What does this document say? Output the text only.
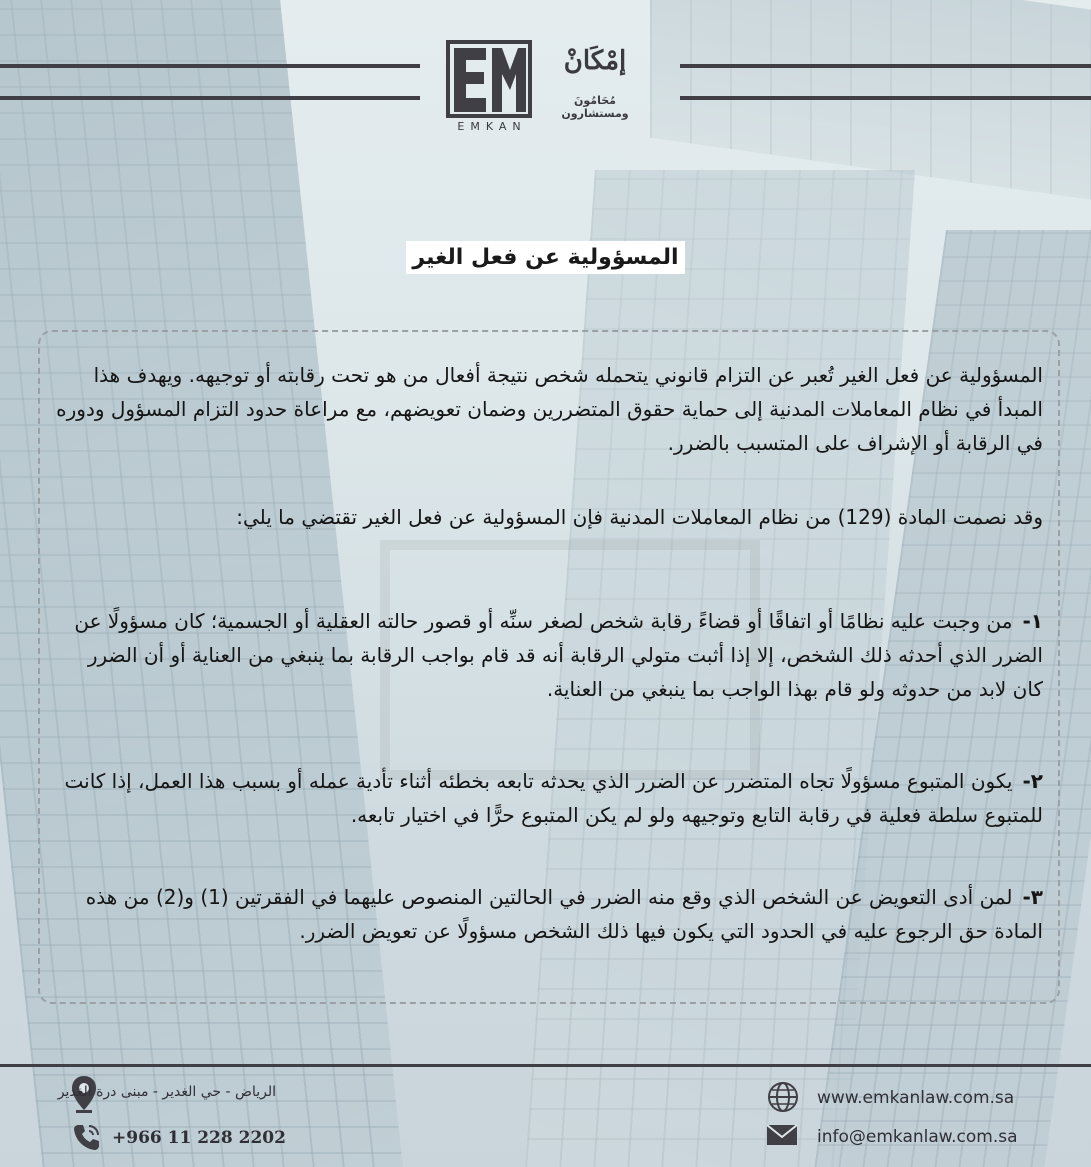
إمْكَانْ
مُحَامُونَ ومستشارون
EMKAN
المسؤولية عن فعل الغير
المسؤولية عن فعل الغير تُعبر عن التزام قانوني يتحمله شخص نتيجة أفعال من هو تحت رقابته أو توجيهه. ويهدف هذا المبدأ في نظام المعاملات المدنية إلى حماية حقوق المتضررين وضمان تعويضهم، مع مراعاة حدود التزام المسؤول ودوره في الرقابة أو الإشراف على المتسبب بالضرر.
وقد نصمت المادة (129) من نظام المعاملات المدنية فإن المسؤولية عن فعل الغير تقتضي ما يلي:
١-من وجبت عليه نظامًا أو اتفاقًا أو قضاءً رقابة شخص لصغر سنِّه أو قصور حالته العقلية أو الجسمية؛ كان مسؤولًا عن الضرر الذي أحدثه ذلك الشخص، إلا إذا أثبت متولي الرقابة أنه قد قام بواجب الرقابة بما ينبغي من العناية أو أن الضرر كان لابد من حدوثه ولو قام بهذا الواجب بما ينبغي من العناية.
٢-يكون المتبوع مسؤولًا تجاه المتضرر عن الضرر الذي يحدثه تابعه بخطئه أثناء تأدية عمله أو بسبب هذا العمل، إذا كانت للمتبوع سلطة فعلية في رقابة التابع وتوجيهه ولو لم يكن المتبوع حرًّا في اختيار تابعه.
٣-لمن أدى التعويض عن الشخص الذي وقع منه الضرر في الحالتين المنصوص عليهما في الفقرتين (1) و(2) من هذه المادة حق الرجوع عليه في الحدود التي يكون فيها ذلك الشخص مسؤولًا عن تعويض الضرر.
الرياض - حي الغدير - مبنى درة الغدير
+966 11 228 2202
www.emkanlaw.com.sa
info@emkanlaw.com.sa
